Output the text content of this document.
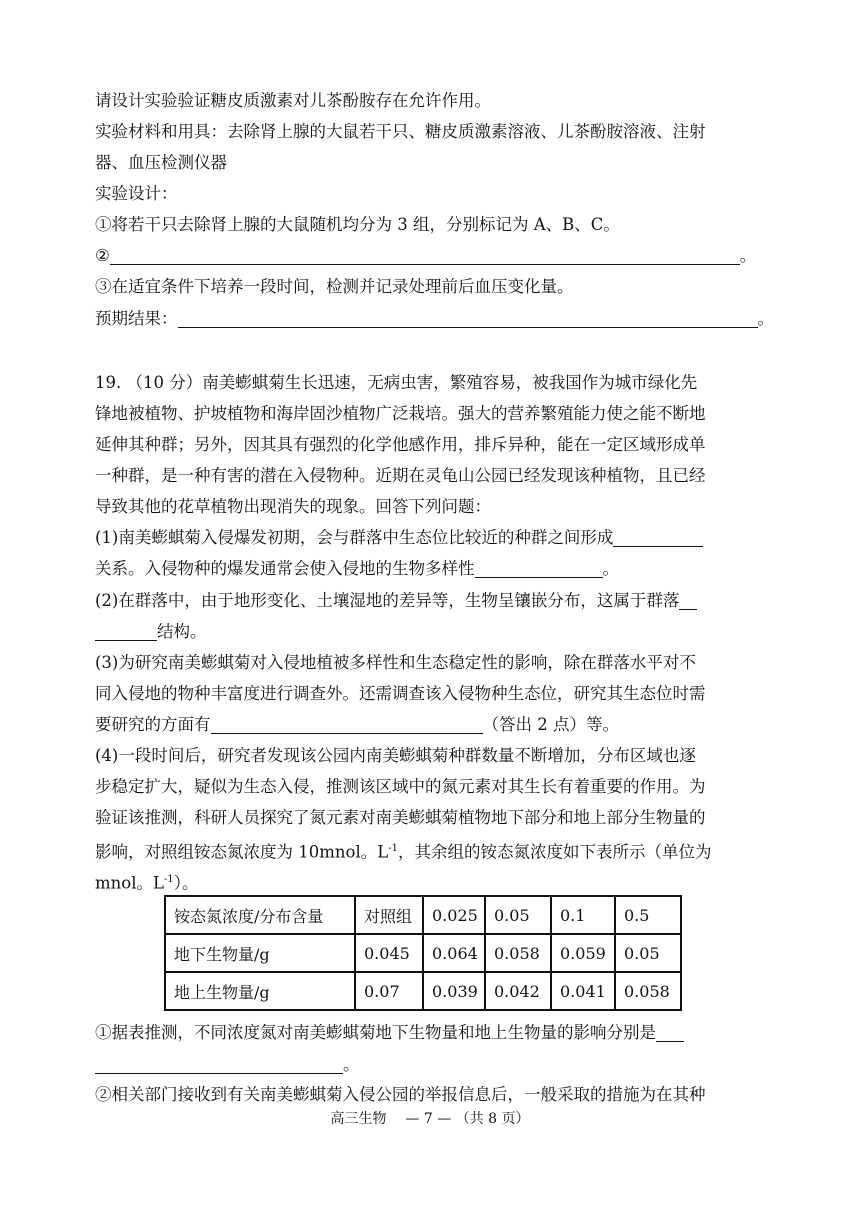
请设计实验验证糖皮质激素对儿茶酚胺存在允许作用。
实验材料和用具：去除肾上腺的大鼠若干只、糖皮质激素溶液、儿茶酚胺溶液、注射
器、血压检测仪器
实验设计：
①将若干只去除肾上腺的大鼠随机均分为 3 组，分别标记为 A、B、C。
②	。
③在适宜条件下培养一段时间，检测并记录处理前后血压变化量。
预期结果：	。
19. （10 分）南美蟛蜞菊生长迅速，无病虫害，繁殖容易，被我国作为城市绿化先
锋地被植物、护坡植物和海岸固沙植物广泛栽培。强大的营养繁殖能力使之能不断地
延伸其种群；另外，因其具有强烈的化学他感作用，排斥异种，能在一定区域形成单
一种群，是一种有害的潜在入侵物种。近期在灵龟山公园已经发现该种植物，且已经
导致其他的花草植物出现消失的现象。回答下列问题：
(1)南美蟛蜞菊入侵爆发初期，会与群落中生态位比较近的种群之间形成
关系。入侵物种的爆发通常会使入侵地的生物多样性	。
(2)在群落中，由于地形变化、土壤湿地的差异等，生物呈镶嵌分布，这属于群落
结构。
(3)为研究南美蟛蜞菊对入侵地植被多样性和生态稳定性的影响，除在群落水平对不
同入侵地的物种丰富度进行调查外。还需调查该入侵物种生态位，研究其生态位时需
要研究的方面有	（答出 2 点）等。
(4)一段时间后，研究者发现该公园内南美蟛蜞菊种群数量不断增加，分布区域也逐
步稳定扩大，疑似为生态入侵，推测该区域中的氮元素对其生长有着重要的作用。为
验证该推测，科研人员探究了氮元素对南美蟛蜞菊植物地下部分和地上部分生物量的
影响，对照组铵态氮浓度为 10mnol。$L^{-1}$，其余组的铵态氮浓度如下表所示（单位为
mnol。$L^{-1}$）。
铵态氮浓度/分布含量	对照组	0.025	0.05	0.1	0.5
地下生物量/g	0.045	0.064	0.058	0.059	0.05
地上生物量/g	0.07	0.039	0.042	0.041	0.058
①据表推测，不同浓度氮对南美蟛蜞菊地下生物量和地上生物量的影响分别是
。
②相关部门接收到有关南美蟛蜞菊入侵公园的举报信息后，一般采取的措施为在其种
高三生物 — 7 — （共 8 页）
